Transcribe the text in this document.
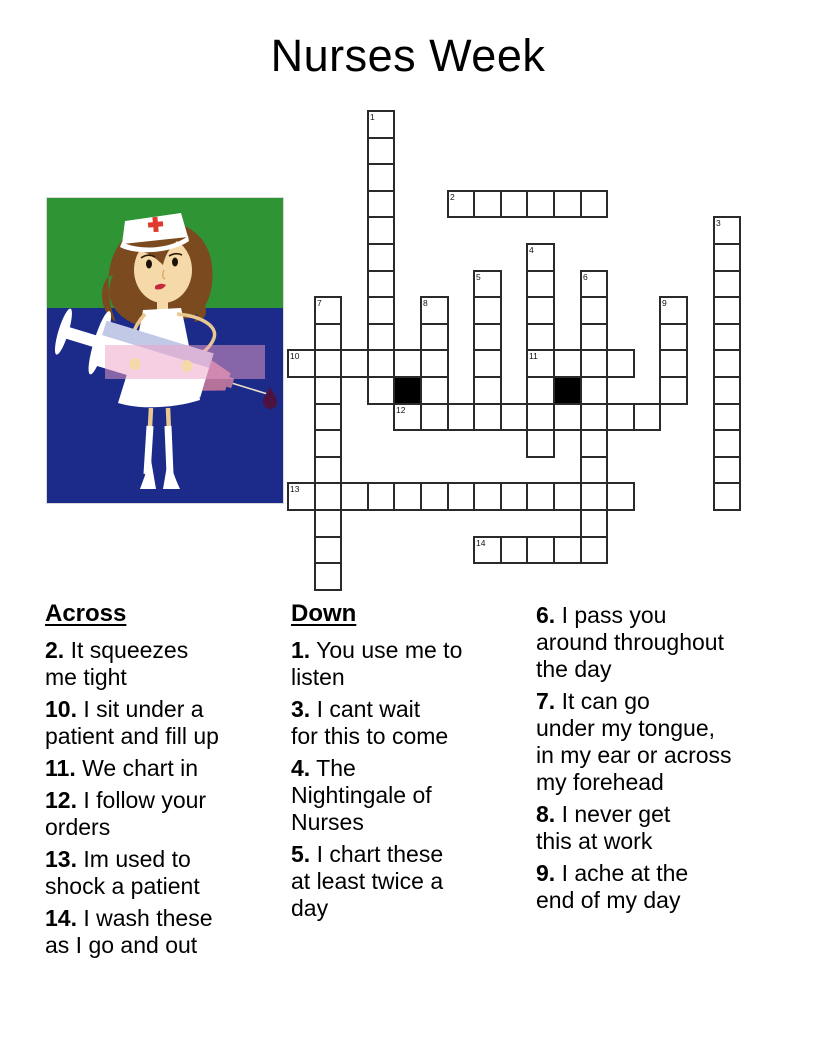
Nurses Week
2
10	11
12
13
14
1
3
4
5	6
7	8	9
Across
2. It squeezes
me tight
10. I sit under a
patient and fill up
11. We chart in
12. I follow your
orders
13. Im used to
shock a patient
14. I wash these
as I go and out
Down
1. You use me to
listen
3. I cant wait
for this to come
4. The
Nightingale of
Nurses
5. I chart these
at least twice a
day
6. I pass you
around throughout
the day
7. It can go
under my tongue,
in my ear or across
my forehead
8. I never get
this at work
9. I ache at the
end of my day
